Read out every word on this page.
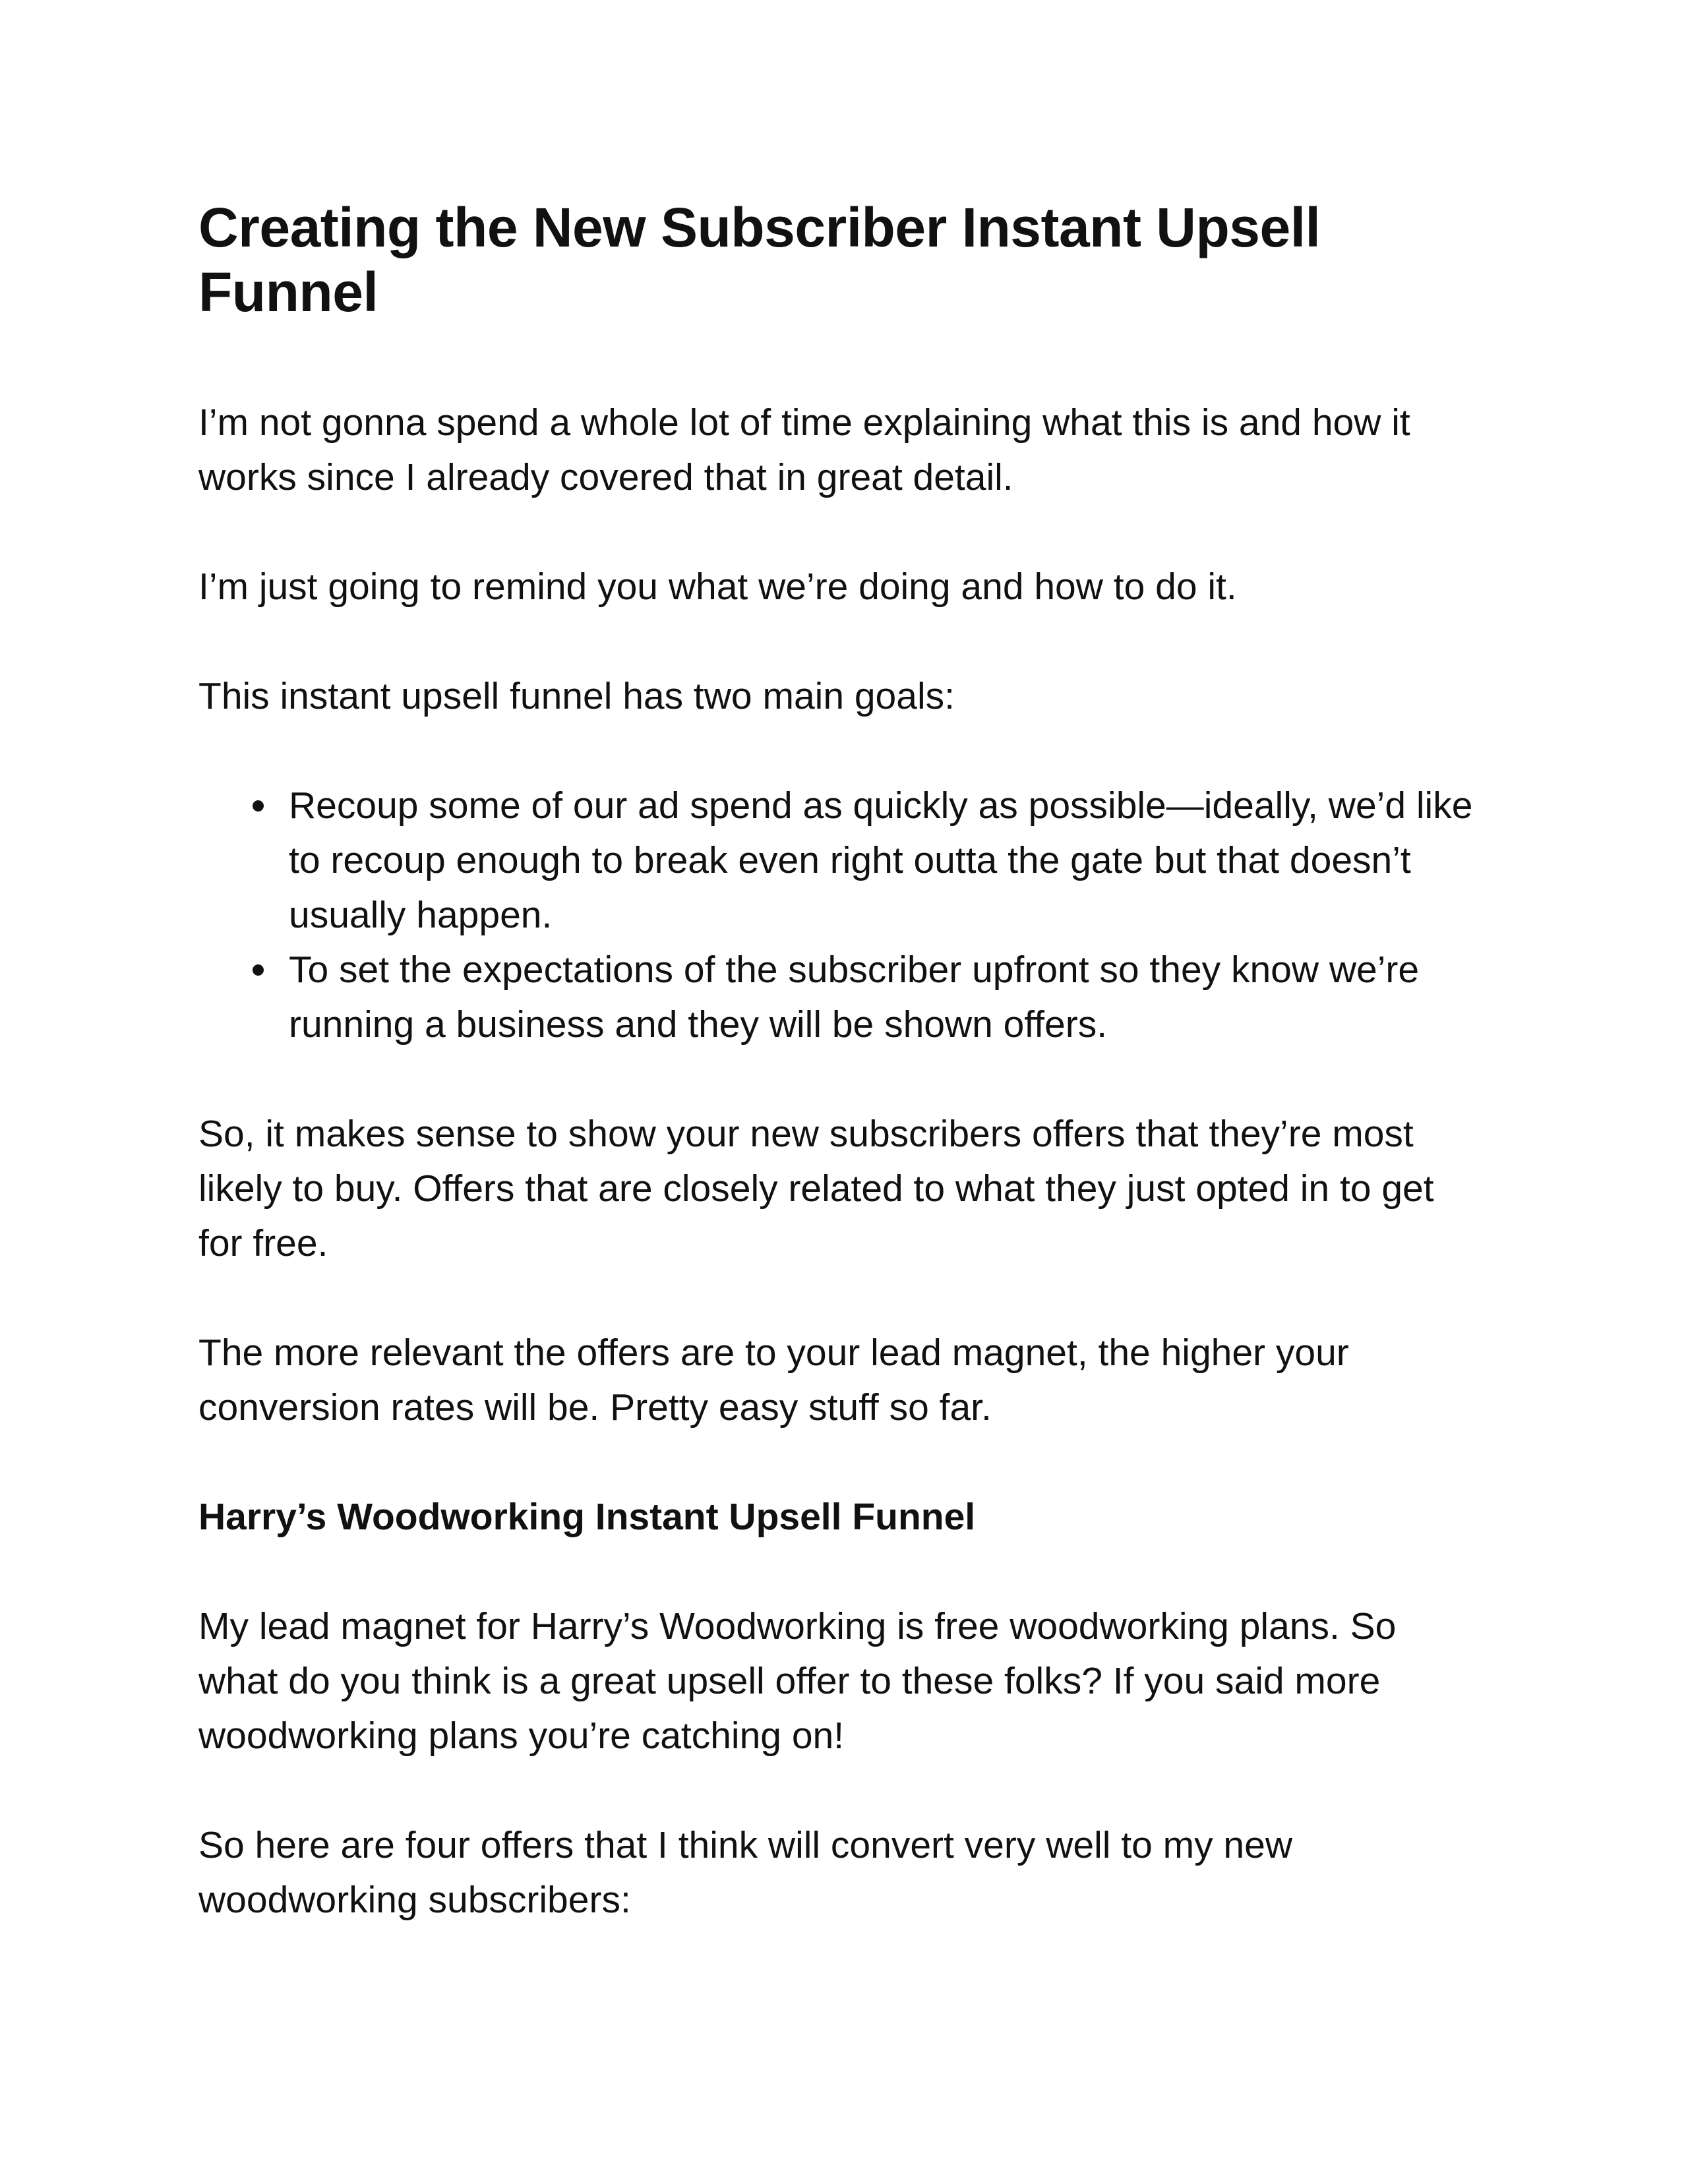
Creating the New Subscriber Instant Upsell Funnel

I’m not gonna spend a whole lot of time explaining what this is and how it works since I already covered that in great detail.

I’m just going to remind you what we’re doing and how to do it.

This instant upsell funnel has two main goals:

Recoup some of our ad spend as quickly as possible—ideally, we’d like to recoup enough to break even right outta the gate but that doesn’t usually happen.
To set the expectations of the subscriber upfront so they know we’re running a business and they will be shown offers.

So, it makes sense to show your new subscribers offers that they’re most likely to buy. Offers that are closely related to what they just opted in to get for free.

The more relevant the offers are to your lead magnet, the higher your conversion rates will be. Pretty easy stuff so far.

Harry’s Woodworking Instant Upsell Funnel

My lead magnet for Harry’s Woodworking is free woodworking plans. So what do you think is a great upsell offer to these folks? If you said more woodworking plans you’re catching on!

So here are four offers that I think will convert very well to my new woodworking subscribers:
